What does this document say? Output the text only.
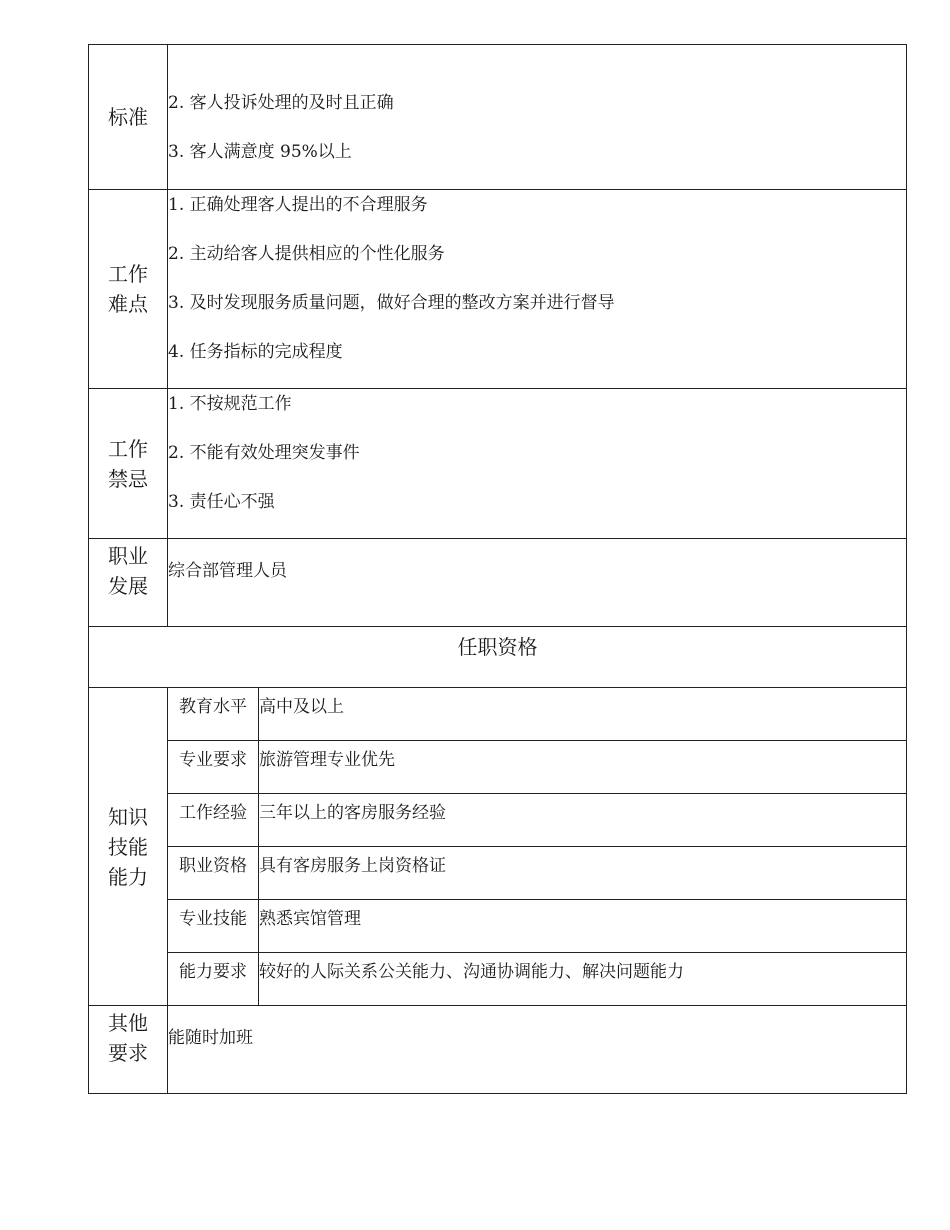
标准	2. 客人投诉处理的及时且正确
3. 客人满意度 95%以上	

工作
难点	1. 正确处理客人提出的不合理服务
2. 主动给客人提供相应的个性化服务
3. 及时发现服务质量问题，做好合理的整改方案并进行督导
4. 任务指标的完成程度	

工作
禁忌	1. 不按规范工作
2. 不能有效处理突发事件
3. 责任心不强	

职业
发展	综合部管理人员	

任职资格		

知识
技能
能力	教育水平	高中及以上
	专业要求	旅游管理专业优先
	工作经验	三年以上的客房服务经验
	职业资格	具有客房服务上岗资格证
	专业技能	熟悉宾馆管理
	能力要求	较好的人际关系公关能力、沟通协调能力、解决问题能力

其他
要求	能随时加班	
